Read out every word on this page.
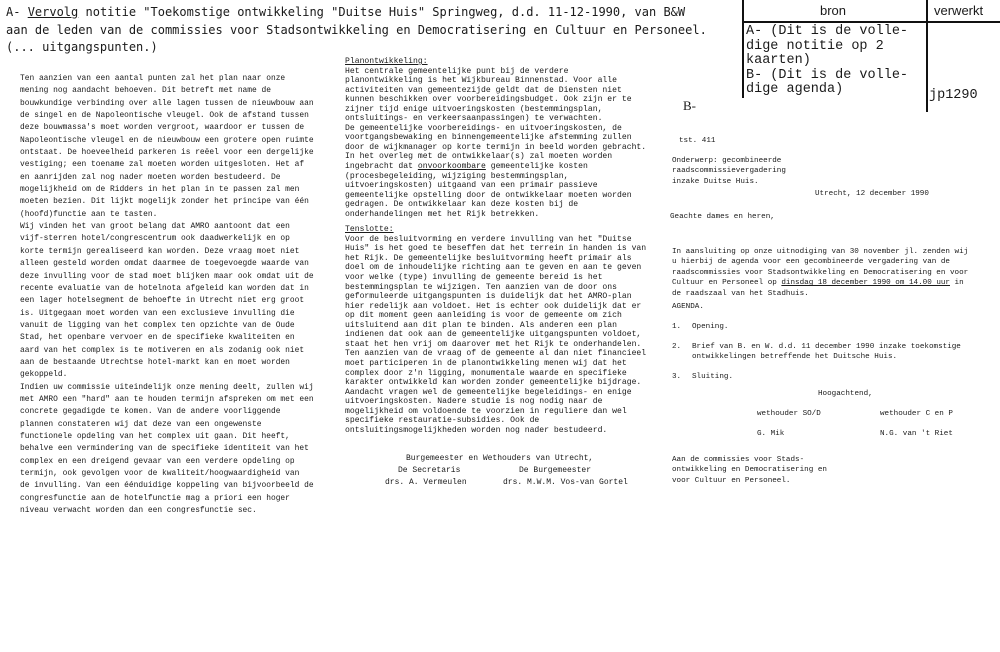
A- Vervolg notitie "Toekomstige ontwikkeling "Duitse Huis" Springweg, d.d. 11-12-1990, van B&W
aan de leden van de commissies voor Stadsontwikkeling en Democratisering en Cultuur en Personeel.
(... uitgangspunten.)
bron	verwerkt
A- (Dit is de volle-
dige notitie op 2
kaarten)
B- (Dit is de volle-
dige agenda)	jp1290
B-
Ten aanzien van een aantal punten zal het plan naar onze
mening nog aandacht behoeven. Dit betreft met name de
bouwkundige verbinding over alle lagen tussen de nieuwbouw aan
de singel en de Napoleontische vleugel. Ook de afstand tussen
deze bouwmassa's moet worden vergroot, waardoor er tussen de
Napoleontische vleugel en de nieuwbouw een grotere open ruimte
ontstaat. De hoeveelheid parkeren is reëel voor een dergelijke
vestiging; een toename zal moeten worden uitgesloten. Het af
en aanrijden zal nog nader moeten worden bestudeerd. De
mogelijkheid om de Ridders in het plan in te passen zal men
moeten bezien. Dit lijkt mogelijk zonder het principe van één
(hoofd)functie aan te tasten.
Wij vinden het van groot belang dat AMRO aantoont dat een
vijf-sterren hotel/congrescentrum ook daadwerkelijk en op
korte termijn gerealiseerd kan worden. Deze vraag moet niet
alleen gesteld worden omdat daarmee de toegevoegde waarde van
deze invulling voor de stad moet blijken maar ook omdat uit de
recente evaluatie van de hotelnota afgeleid kan worden dat in
een lager hotelsegment de behoefte in Utrecht niet erg groot
is. Uitgegaan moet worden van een exclusieve invulling die
vanuit de ligging van het complex ten opzichte van de Oude
Stad, het openbare vervoer en de specifieke kwaliteiten en
aard van het complex is te motiveren en als zodanig ook niet
aan de bestaande Utrechtse hotel-markt kan en moet worden
gekoppeld.
Indien uw commissie uiteindelijk onze mening deelt, zullen wij
met AMRO een "hard" aan te houden termijn afspreken om met een
concrete gegadigde te komen. Van de andere voorliggende
plannen constateren wij dat deze van een ongewenste
functionele opdeling van het complex uit gaan. Dit heeft,
behalve een vermindering van de specifieke identiteit van het
complex en een dreigend gevaar van een verdere opdeling op
termijn, ook gevolgen voor de kwaliteit/hoogwaardigheid van
de invulling. Van een éénduidige koppeling van bijvoorbeeld de
congresfunctie aan de hotelfunctie mag a priori een hoger
niveau verwacht worden dan een congresfunctie sec.
Planontwikkeling:
Het centrale gemeentelijke punt bij de verdere
planontwikkeling is het Wijkbureau Binnenstad. Voor alle
activiteiten van gemeentezijde geldt dat de Diensten niet
kunnen beschikken over voorbereidingsbudget. Ook zijn er te
zijner tijd enige uitvoeringskosten (bestemmingsplan,
ontsluitings- en verkeersaanpassingen) te verwachten.
De gemeentelijke voorbereidings- en uitvoeringskosten, de
voortgangsbewaking en binnengemeentelijke afstemming zullen
door de wijkmanager op korte termijn in beeld worden gebracht.
In het overleg met de ontwikkelaar(s) zal moeten worden
ingebracht dat onvoorkoombare gemeentelijke kosten
(procesbegeleiding, wijziging bestemmingsplan,
uitvoeringskosten) uitgaand van een primair passieve
gemeentelijke opstelling door de ontwikkelaar moeten worden
gedragen. De ontwikkelaar kan deze kosten bij de
onderhandelingen met het Rijk betrekken.
Tenslotte:
Voor de besluitvorming en verdere invulling van het "Duitse
Huis" is het goed te beseffen dat het terrein in handen is van
het Rijk. De gemeentelijke besluitvorming heeft primair als
doel om de inhoudelijke richting aan te geven en aan te geven
voor welke (type) invulling de gemeente bereid is het
bestemmingsplan te wijzigen. Ten aanzien van de door ons
geformuleerde uitgangspunten is duidelijk dat het AMRO-plan
hier redelijk aan voldoet. Het is echter ook duidelijk dat er
op dit moment geen aanleiding is voor de gemeente om zich
uitsluitend aan dit plan te binden. Als anderen een plan
indienen dat ook aan de gemeentelijke uitgangspunten voldoet,
staat het hen vrij om daarover met het Rijk te onderhandelen.
Ten aanzien van de vraag of de gemeente al dan niet financieel
moet participeren in de planontwikkeling menen wij dat het
complex door z'n ligging, monumentale waarde en specifieke
karakter ontwikkeld kan worden zonder gemeentelijke bijdrage.
Aandacht vragen wel de gemeentelijke begeleidings- en enige
uitvoeringskosten. Nadere studie is nog nodig naar de
mogelijkheid om voldoende te voorzien in reguliere dan wel
specifieke restauratie-subsidies. Ook de
ontsluitingsmogelijkheden worden nog nader bestudeerd.
Burgemeester en Wethouders van Utrecht,
De Secretaris	De Burgemeester
drs. A. Vermeulen	drs. M.W.M. Vos-van Gortel
tst. 411
Onderwerp: gecombineerde
raadscommissievergadering
inzake Duitse Huis.
Utrecht, 12 december 1990
Geachte dames en heren,
In aansluiting op onze uitnodiging van 30 november jl. zenden wij
u hierbij de agenda voor een gecombineerde vergadering van de
raadscommissies voor Stadsontwikkeling en Democratisering en voor
Cultuur en Personeel op dinsdag 18 december 1990 om 14.00 uur in
de raadszaal van het Stadhuis.
AGENDA.
1. Opening.
2. Brief van B. en W. d.d. 11 december 1990 inzake toekomstige
ontwikkelingen betreffende het Duitsche Huis.
3. Sluiting.
Hoogachtend,
wethouder SO/D	wethouder C en P
G. Mik	N.G. van 't Riet
Aan de commissies voor Stads-
ontwikkeling en Democratisering en
voor Cultuur en Personeel.
